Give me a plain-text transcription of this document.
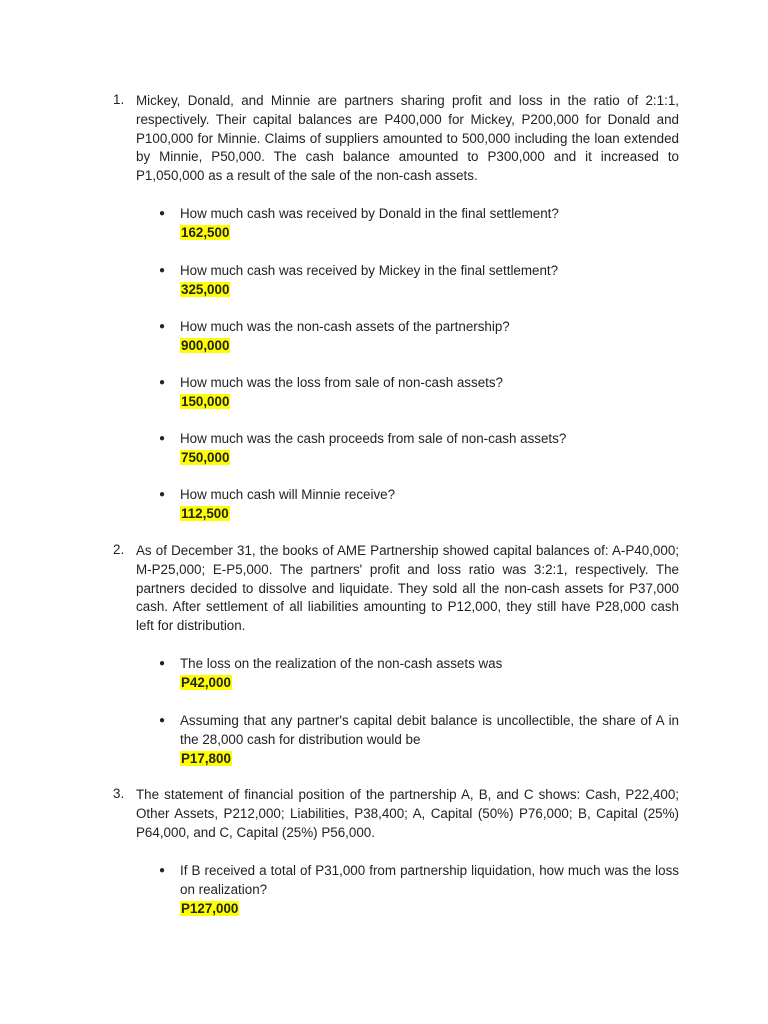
1. Mickey, Donald, and Minnie are partners sharing profit and loss in the ratio of 2:1:1, respectively. Their capital balances are P400,000 for Mickey, P200,000 for Donald and P100,000 for Minnie. Claims of suppliers amounted to 500,000 including the loan extended by Minnie, P50,000. The cash balance amounted to P300,000 and it increased to P1,050,000 as a result of the sale of the non-cash assets.
● How much cash was received by Donald in the final settlement?
162,500
● How much cash was received by Mickey in the final settlement?
325,000
● How much was the non-cash assets of the partnership?
900,000
● How much was the loss from sale of non-cash assets?
150,000
● How much was the cash proceeds from sale of non-cash assets?
750,000
● How much cash will Minnie receive?
112,500
2. As of December 31, the books of AME Partnership showed capital balances of: A-P40,000; M-P25,000; E-P5,000. The partners' profit and loss ratio was 3:2:1, respectively. The partners decided to dissolve and liquidate. They sold all the non-cash assets for P37,000 cash. After settlement of all liabilities amounting to P12,000, they still have P28,000 cash left for distribution.
● The loss on the realization of the non-cash assets was
P42,000
● Assuming that any partner's capital debit balance is uncollectible, the share of A in the 28,000 cash for distribution would be
P17,800
3. The statement of financial position of the partnership A, B, and C shows: Cash, P22,400; Other Assets, P212,000; Liabilities, P38,400; A, Capital (50%) P76,000; B, Capital (25%) P64,000, and C, Capital (25%) P56,000.
● If B received a total of P31,000 from partnership liquidation, how much was the loss on realization?
P127,000
